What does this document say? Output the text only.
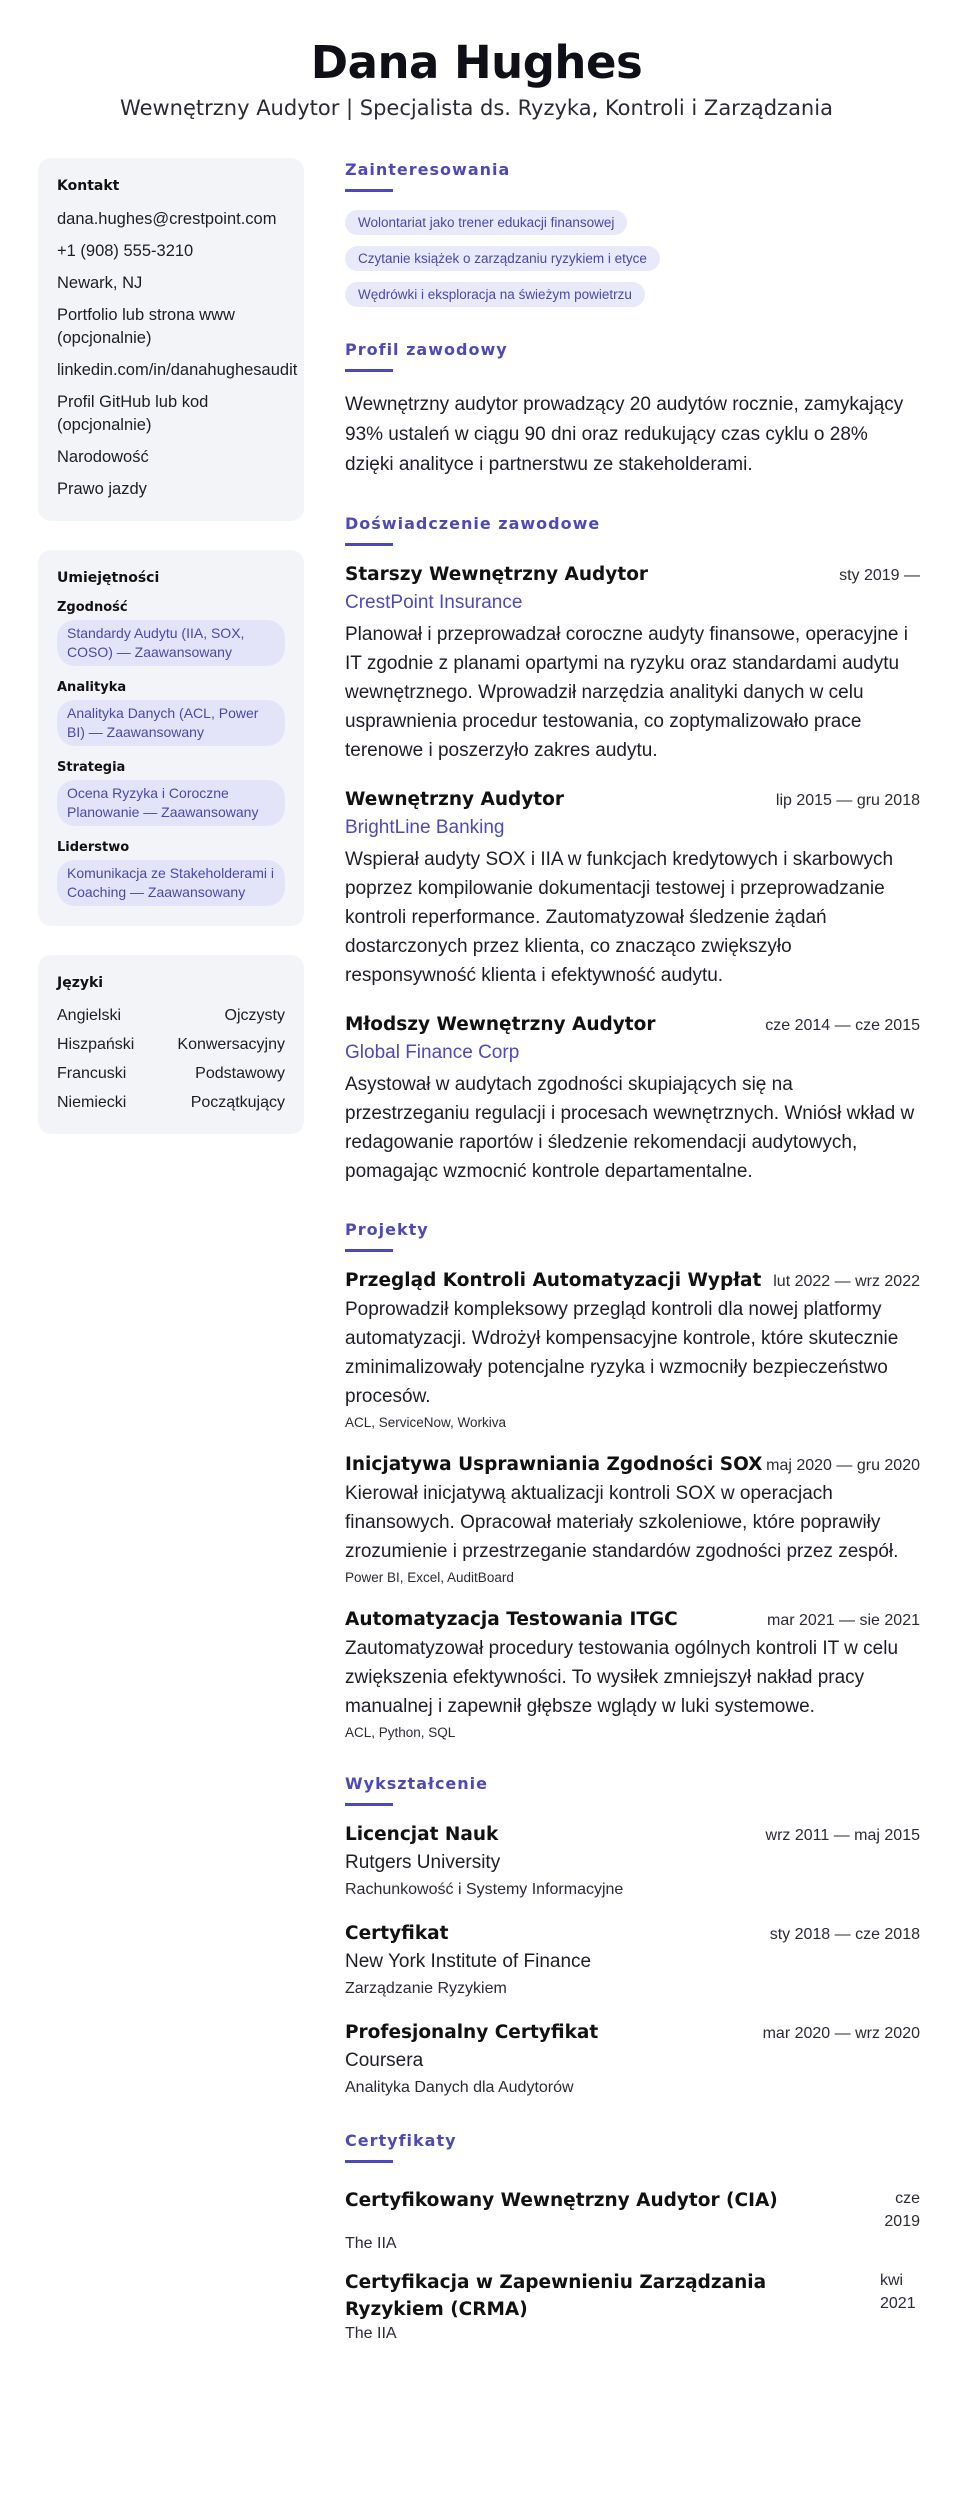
Dana Hughes
Wewnętrzny Audytor | Specjalista ds. Ryzyka, Kontroli i Zarządzania
Kontakt
dana.hughes@crestpoint.com
+1 (908) 555-3210
Newark, NJ
Portfolio lub strona www (opcjonalnie)
linkedin.com/in/danahughesaudit
Profil GitHub lub kod (opcjonalnie)
Narodowość
Prawo jazdy
Umiejętności
Zgodność
Standardy Audytu (IIA, SOX, COSO) — Zaawansowany
Analityka
Analityka Danych (ACL, Power BI) — Zaawansowany
Strategia
Ocena Ryzyka i Coroczne Planowanie — Zaawansowany
Liderstwo
Komunikacja ze Stakeholderami i Coaching — Zaawansowany
Języki
Angielski	Ojczysty
Hiszpański	Konwersacyjny
Francuski	Podstawowy
Niemiecki	Początkujący
Zainteresowania
Wolontariat jako trener edukacji finansowej
Czytanie książek o zarządzaniu ryzykiem i etyce
Wędrówki i eksploracja na świeżym powietrzu
Profil zawodowy

Wewnętrzny audytor prowadzący 20 audytów rocznie, zamykający 93% ustaleń w ciągu 90 dni oraz redukujący czas cyklu o 28% dzięki analityce i partnerstwu ze stakeholderami.

Doświadczenie zawodowe
Starszy Wewnętrzny Audytor	sty 2019 —
CrestPoint Insurance

Planował i przeprowadzał coroczne audyty finansowe, operacyjne i IT zgodnie z planami opartymi na ryzyku oraz standardami audytu wewnętrznego. Wprowadził narzędzia analityki danych w celu usprawnienia procedur testowania, co zoptymalizowało prace terenowe i poszerzyło zakres audytu.

Wewnętrzny Audytor	lip 2015 — gru 2018
BrightLine Banking

Wspierał audyty SOX i IIA w funkcjach kredytowych i skarbowych poprzez kompilowanie dokumentacji testowej i przeprowadzanie kontroli reperformance. Zautomatyzował śledzenie żądań dostarczonych przez klienta, co znacząco zwiększyło responsywność klienta i efektywność audytu.

Młodszy Wewnętrzny Audytor	cze 2014 — cze 2015
Global Finance Corp

Asystował w audytach zgodności skupiających się na przestrzeganiu regulacji i procesach wewnętrznych. Wniósł wkład w redagowanie raportów i śledzenie rekomendacji audytowych, pomagając wzmocnić kontrole departamentalne.

Projekty
Przegląd Kontroli Automatyzacji Wypłat lut 2022 — wrz 2022

Poprowadził kompleksowy przegląd kontroli dla nowej platformy automatyzacji. Wdrożył kompensacyjne kontrole, które skutecznie zminimalizowały potencjalne ryzyka i wzmocniły bezpieczeństwo procesów.

ACL, ServiceNow, Workiva
Inicjatywa Usprawniania Zgodności SOX maj 2020 — gru 2020

Kierował inicjatywą aktualizacji kontroli SOX w operacjach finansowych. Opracował materiały szkoleniowe, które poprawiły zrozumienie i przestrzeganie standardów zgodności przez zespół.

Power BI, Excel, AuditBoard
Automatyzacja Testowania ITGC	mar 2021 — sie 2021

Zautomatyzował procedury testowania ogólnych kontroli IT w celu zwiększenia efektywności. To wysiłek zmniejszył nakład pracy manualnej i zapewnił głębsze wglądy w luki systemowe.

ACL, Python, SQL
Wykształcenie
Licencjat Nauk	wrz 2011 — maj 2015
Rutgers University
Rachunkowość i Systemy Informacyjne
Certyfikat	sty 2018 — cze 2018
New York Institute of Finance
Zarządzanie Ryzykiem
Profesjonalny Certyfikat	mar 2020 — wrz 2020
Coursera
Analityka Danych dla Audytorów
Certyfikaty
Certyfikowany Wewnętrzny Audytor (CIA)	cze 2019
The IIA
Certyfikacja w Zapewnieniu Zarządzania Ryzykiem (CRMA)
kwi 2021
The IIA
